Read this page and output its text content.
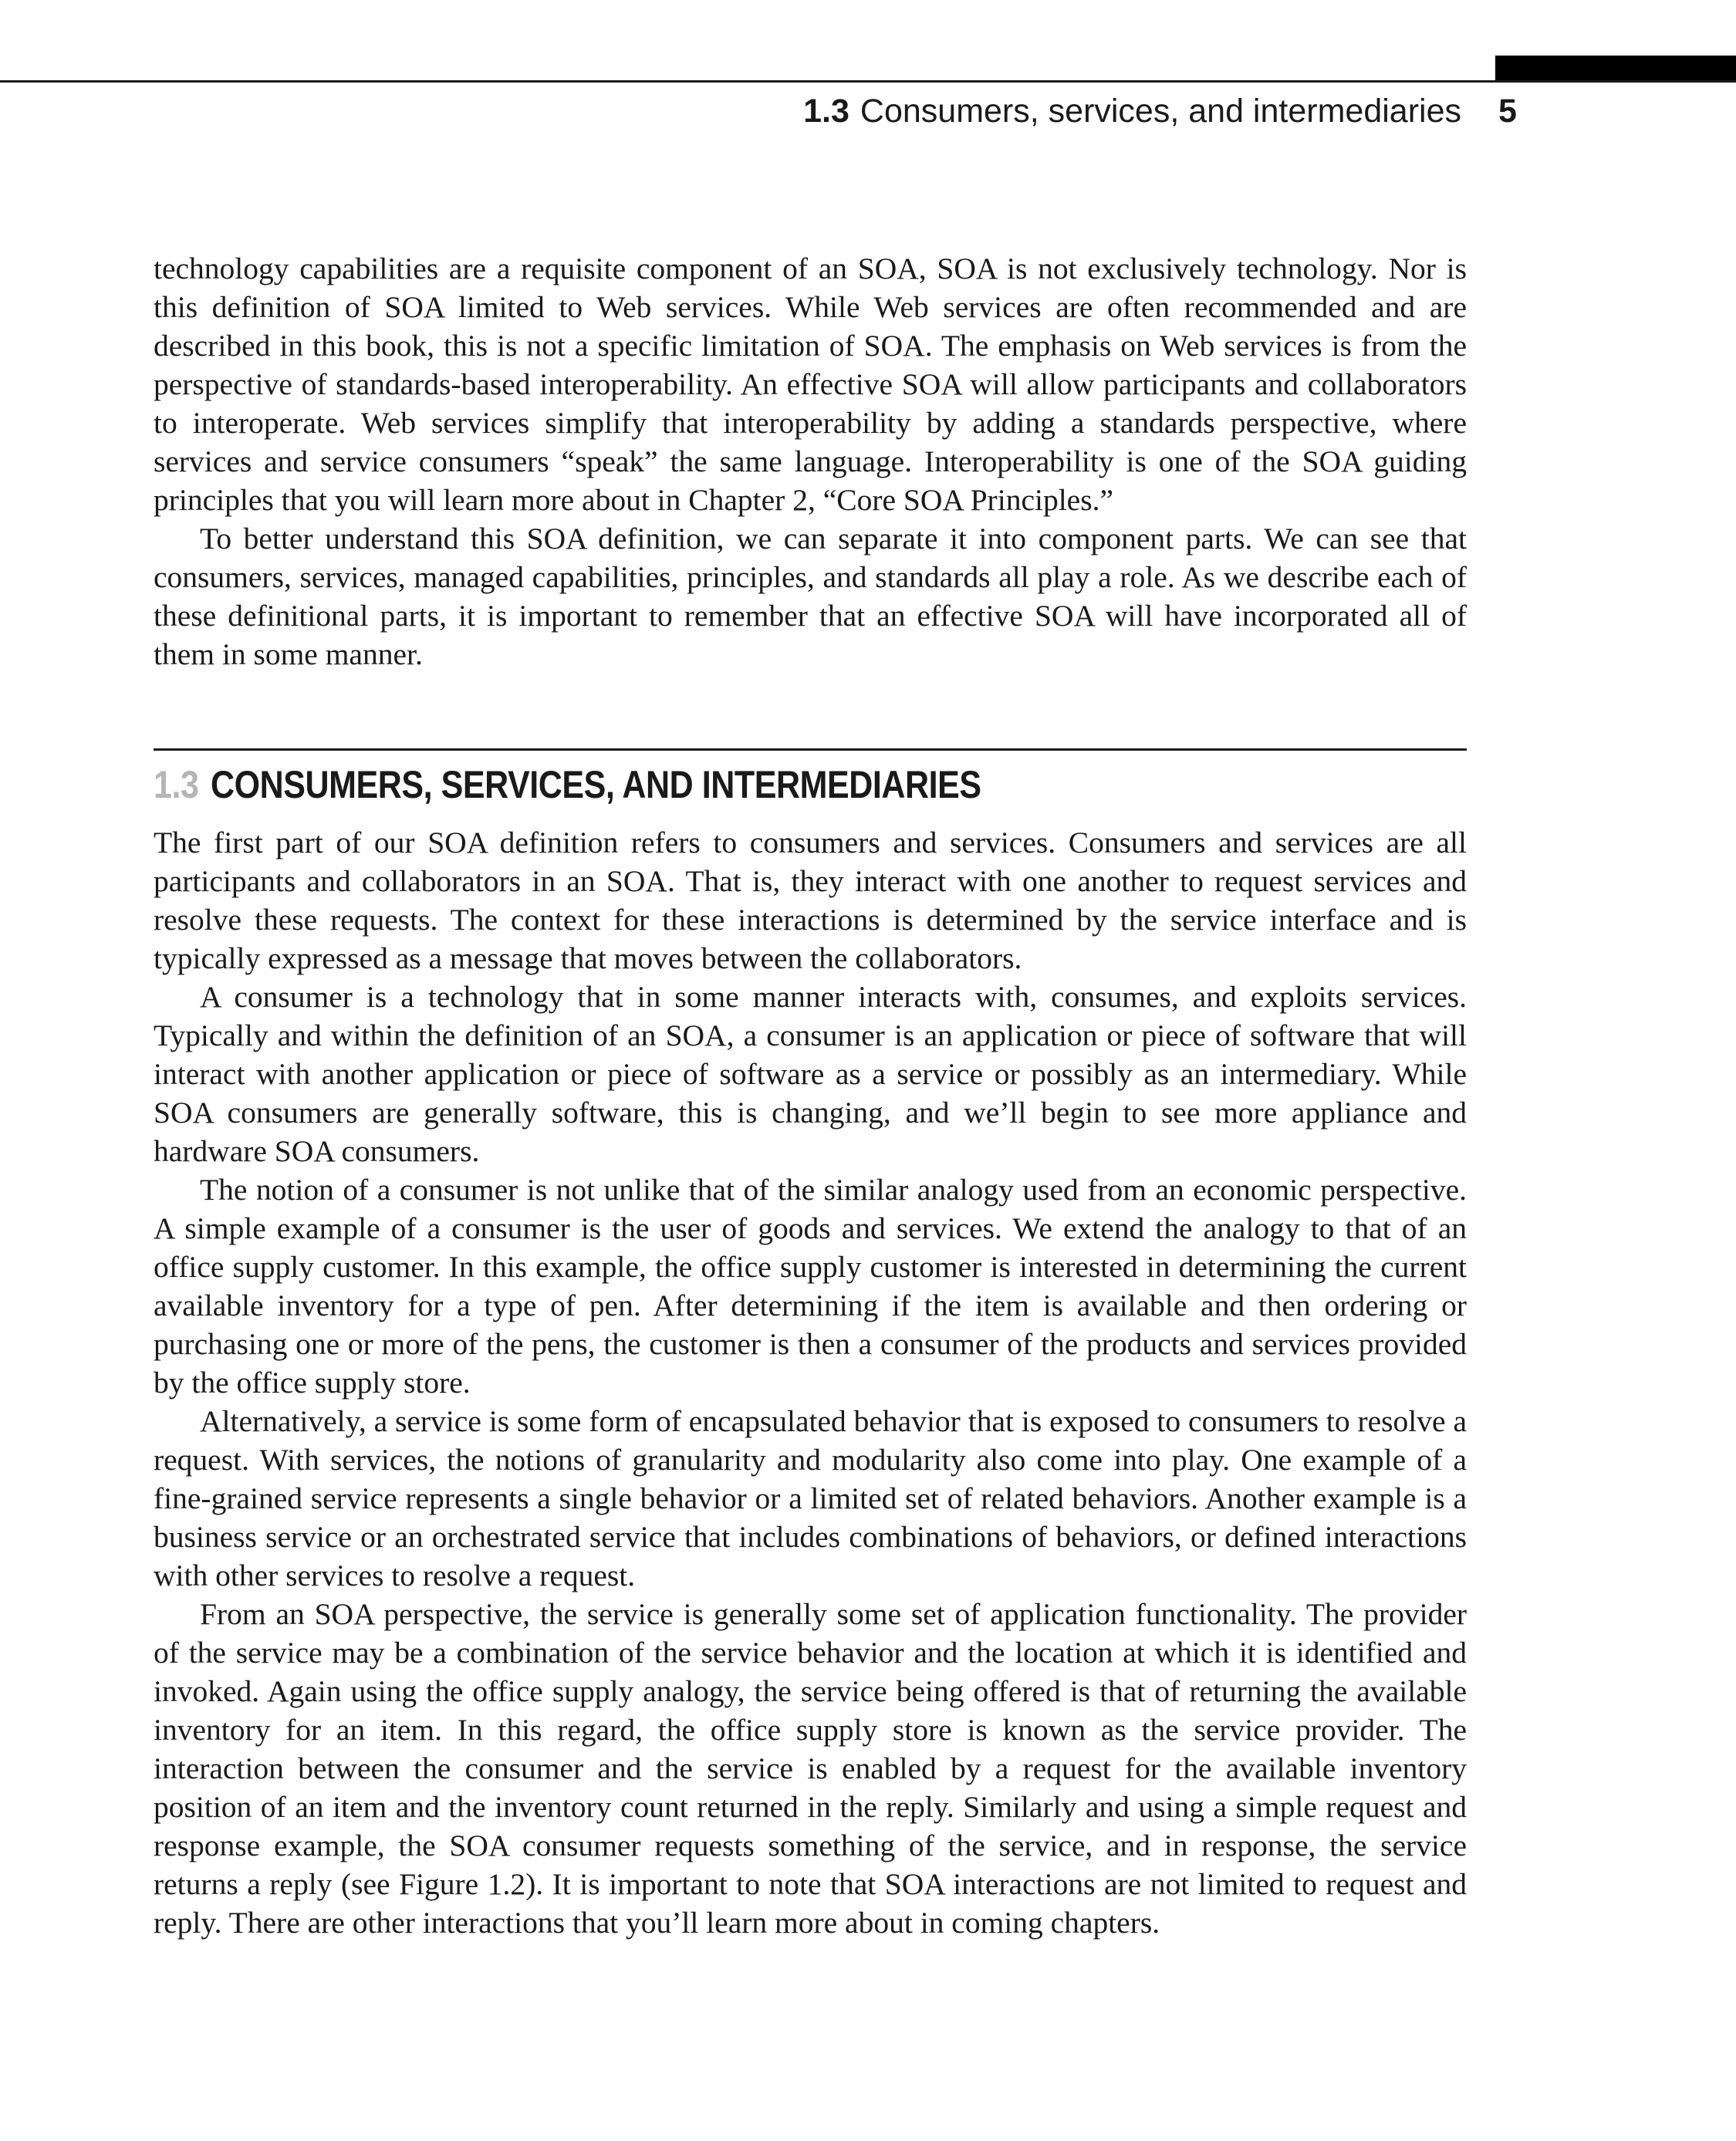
1.3 Consumers, services, and intermediaries 5

technology capabilities are a requisite component of an SOA, SOA is not exclusively technology. Nor is this definition of SOA limited to Web services. While Web services are often recommended and are described in this book, this is not a specific limitation of SOA. The emphasis on Web services is from the perspective of standards-based interoperability. An effective SOA will allow participants and collaborators to interoperate. Web services simplify that interoperability by adding a standards perspective, where services and service consumers “speak” the same language. Interoperability is one of the SOA guiding principles that you will learn more about in Chapter 2, “Core SOA Principles.”

To better understand this SOA definition, we can separate it into component parts. We can see that consumers, services, managed capabilities, principles, and standards all play a role. As we describe each of these definitional parts, it is important to remember that an effective SOA will have incorporated all of them in some manner.

1.3 CONSUMERS, SERVICES, AND INTERMEDIARIES

The first part of our SOA definition refers to consumers and services. Consumers and services are all participants and collaborators in an SOA. That is, they interact with one another to request services and resolve these requests. The context for these interactions is determined by the service interface and is typically expressed as a message that moves between the collaborators.

A consumer is a technology that in some manner interacts with, consumes, and exploits services. Typically and within the definition of an SOA, a consumer is an application or piece of software that will interact with another application or piece of software as a service or possibly as an intermediary. While SOA consumers are generally software, this is changing, and we’ll begin to see more appliance and hardware SOA consumers.

The notion of a consumer is not unlike that of the similar analogy used from an economic perspective. A simple example of a consumer is the user of goods and services. We extend the analogy to that of an office supply customer. In this example, the office supply customer is interested in determining the current available inventory for a type of pen. After determining if the item is available and then ordering or purchasing one or more of the pens, the customer is then a consumer of the products and services provided by the office supply store.

Alternatively, a service is some form of encapsulated behavior that is exposed to consumers to resolve a request. With services, the notions of granularity and modularity also come into play. One example of a fine-grained service represents a single behavior or a limited set of related behaviors. Another example is a business service or an orchestrated service that includes combinations of behaviors, or defined interactions with other services to resolve a request.

From an SOA perspective, the service is generally some set of application functionality. The provider of the service may be a combination of the service behavior and the location at which it is identified and invoked. Again using the office supply analogy, the service being offered is that of returning the available inventory for an item. In this regard, the office supply store is known as the service provider. The interaction between the consumer and the service is enabled by a request for the available inventory position of an item and the inventory count returned in the reply. Similarly and using a simple request and response example, the SOA consumer requests something of the service, and in response, the service returns a reply (see Figure 1.2). It is important to note that SOA interactions are not limited to request and reply. There are other interactions that you’ll learn more about in coming chapters.
